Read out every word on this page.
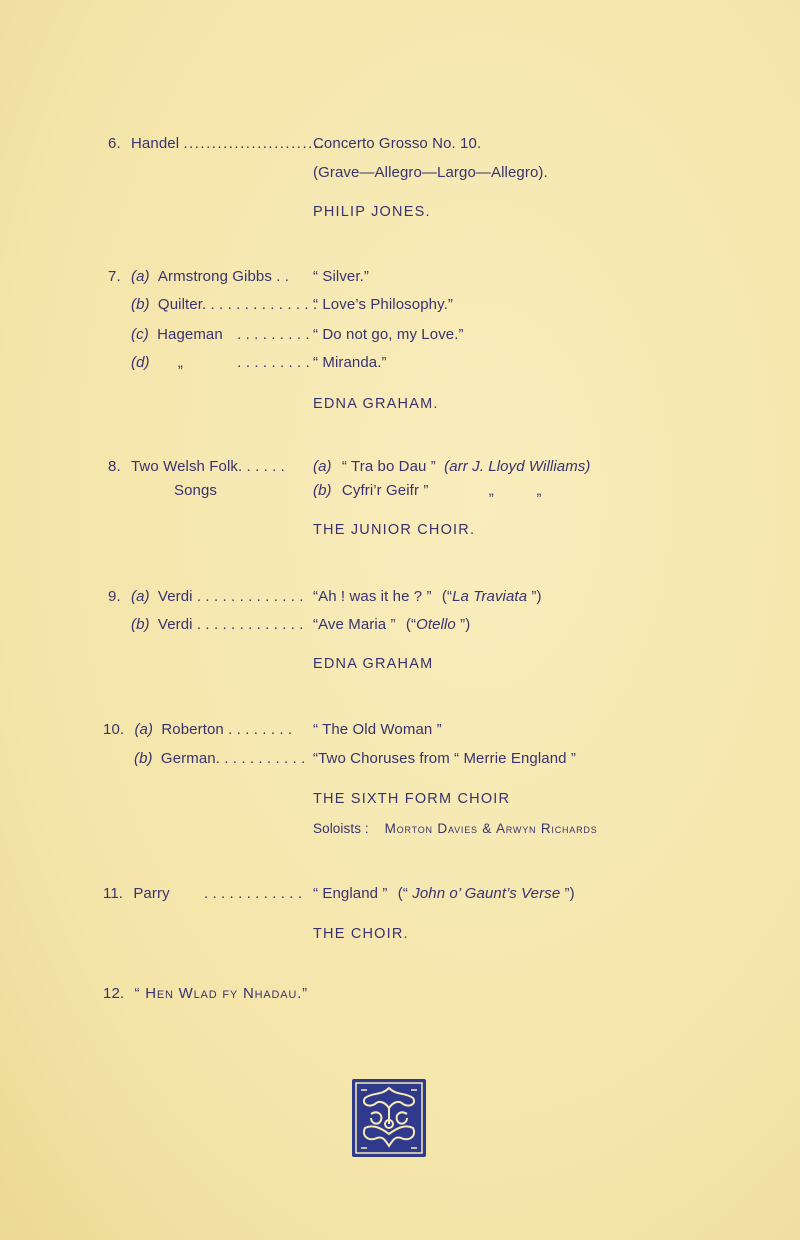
6. Handel .........................
Concerto Grosso No. 10.
(Grave—Allegro—Largo—Allegro).
PHILIP JONES.
7. (a) Armstrong Gibbs . . “ Silver.”
(b) Quilter. . . . . . . . . . . . . .
“ Love’s Philosophy.”
(c) Hageman . . . . . . . . . “ Do not go, my Love.”
(d) „	. . . . . . . . . “ Miranda.”
EDNA GRAHAM.
8. Two Welsh Folk. . . . . .
Songs
(a) “ Tra bo Dau ” (arr J. Lloyd Williams)
(b) Cyfri’r Geifr ”	„          „
THE JUNIOR CHOIR.
9. (a) Verdi . . . . . . . . . . . . . “Ah ! was it he ? ” (“La Traviata ”)
(b) Verdi . . . . . . . . . . . . . “Ave Maria ” (“Otello ”)
EDNA GRAHAM
10. (a) Roberton . . . . . . . . “ The Old Woman ”
(b) German. . . . . . . . . . . “Two Choruses from “ Merrie England ”
THE SIXTH FORM CHOIR
Soloists : Morton Davies & Arwyn Richards
11. Parry . . . . . . . . . . . . “ England ” (“ John o’ Gaunt’s Verse ”)
THE CHOIR.
12. “ Hen Wlad fy Nhadau.”
